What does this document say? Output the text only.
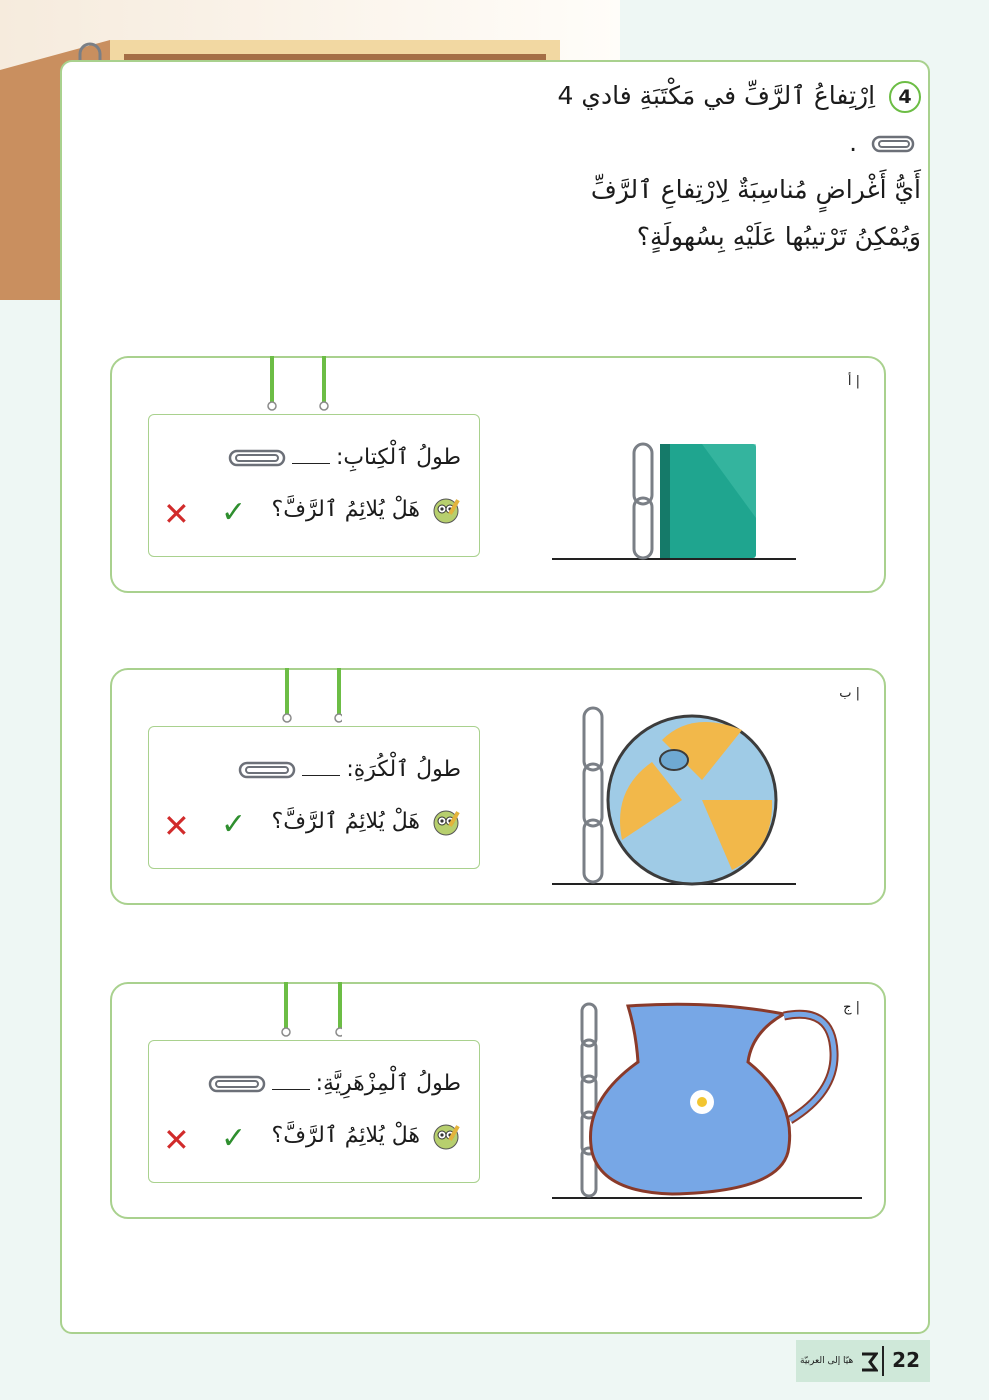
4 اِرْتِفاعُ ٱلرَّفِّ في مَكْتَبَةِ فادي 4  .
أَيُّ أَغْراضٍ مُناسِبَةٌ لِارْتِفاعِ ٱلرَّفِّ
وَيُمْكِنُ تَرْتيبُها عَلَيْهِ بِسُهولَةٍ؟
أ |
طولُ ٱلْكِتابِ:
هَلْ يُلائِمُ ٱلرَّفَّ؟
✓
✕
ب |
طولُ ٱلْكُرَةِ:
هَلْ يُلائِمُ ٱلرَّفَّ؟
✓
✕
ج |
طولُ ٱلْمِزْهَرِيَّةِ:
هَلْ يُلائِمُ ٱلرَّفَّ؟
✓
✕
هيّا إلى العربيّة 22
